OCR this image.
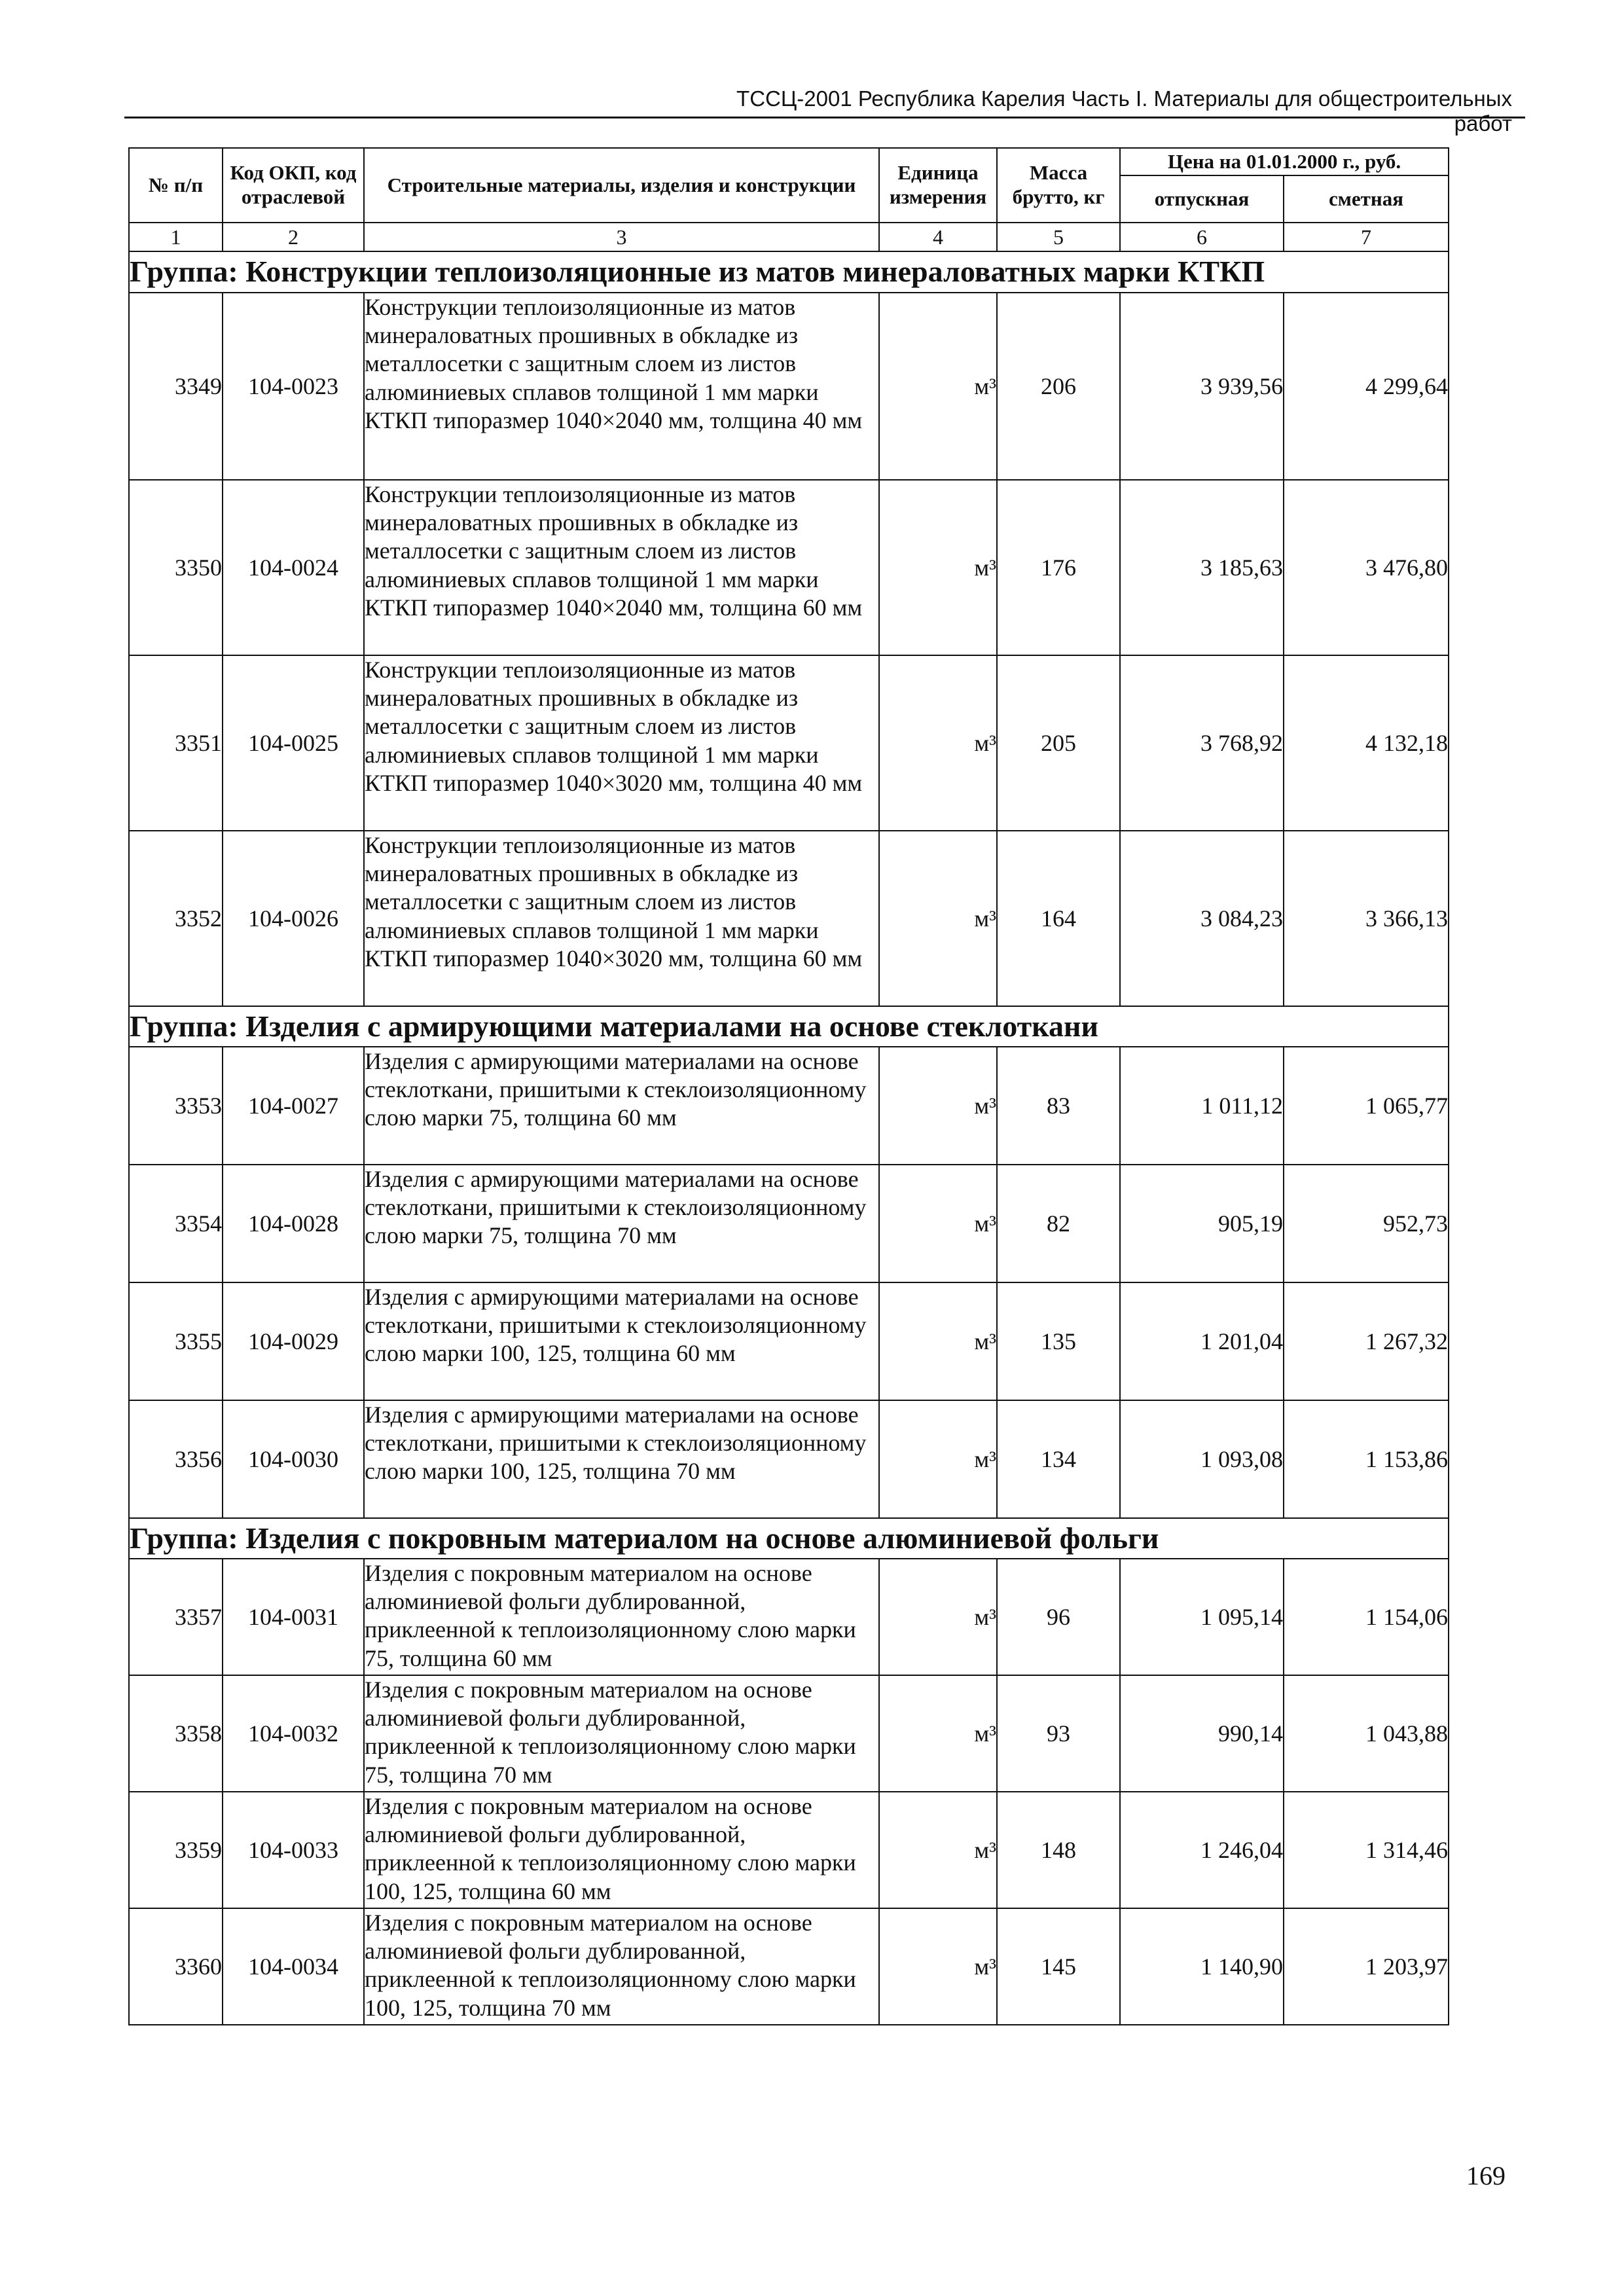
ТССЦ-2001 Республика Карелия Часть I. Материалы для общестроительных работ
№ п/п	Код ОКП, код отраслевой	Строительные материалы, изделия и конструкции	Единица измерения	Масса брутто, кг	Цена на 01.01.2000 г., руб.	
					отпускная	сметная
1	2	3	4	5	6	7
Группа: Конструкции теплоизоляционные из матов минераловатных марки КТКП						
3349	104-0023	Конструкции теплоизоляционные из матов минераловатных прошивных в обкладке из металлосетки с защитным слоем из листов алюминиевых сплавов толщиной 1 мм марки КТКП типоразмер 1040×2040 мм, толщина 40 мм	м³	206	3 939,56	4 299,64
3350	104-0024	Конструкции теплоизоляционные из матов минераловатных прошивных в обкладке из металлосетки с защитным слоем из листов алюминиевых сплавов толщиной 1 мм марки КТКП типоразмер 1040×2040 мм, толщина 60 мм	м³	176	3 185,63	3 476,80
3351	104-0025	Конструкции теплоизоляционные из матов минераловатных прошивных в обкладке из металлосетки с защитным слоем из листов алюминиевых сплавов толщиной 1 мм марки КТКП типоразмер 1040×3020 мм, толщина 40 мм	м³	205	3 768,92	4 132,18
3352	104-0026	Конструкции теплоизоляционные из матов минераловатных прошивных в обкладке из металлосетки с защитным слоем из листов алюминиевых сплавов толщиной 1 мм марки КТКП типоразмер 1040×3020 мм, толщина 60 мм	м³	164	3 084,23	3 366,13
Группа: Изделия с армирующими материалами на основе стеклоткани						
3353	104-0027	Изделия с армирующими материалами на основе стеклоткани, пришитыми к стеклоизоляционному слою марки 75, толщина 60 мм	м³	83	1 011,12	1 065,77
3354	104-0028	Изделия с армирующими материалами на основе стеклоткани, пришитыми к стеклоизоляционному слою марки 75, толщина 70 мм	м³	82	905,19	952,73
3355	104-0029	Изделия с армирующими материалами на основе стеклоткани, пришитыми к стеклоизоляционному слою марки 100, 125, толщина 60 мм	м³	135	1 201,04	1 267,32
3356	104-0030	Изделия с армирующими материалами на основе стеклоткани, пришитыми к стеклоизоляционному слою марки 100, 125, толщина 70 мм	м³	134	1 093,08	1 153,86
Группа: Изделия с покровным материалом на основе алюминиевой фольги						
3357	104-0031	Изделия с покровным материалом на основе алюминиевой фольги дублированной, приклеенной к теплоизоляционному слою марки 75, толщина 60 мм	м³	96	1 095,14	1 154,06
3358	104-0032	Изделия с покровным материалом на основе алюминиевой фольги дублированной, приклеенной к теплоизоляционному слою марки 75, толщина 70 мм	м³	93	990,14	1 043,88
3359	104-0033	Изделия с покровным материалом на основе алюминиевой фольги дублированной, приклеенной к теплоизоляционному слою марки 100, 125, толщина 60 мм	м³	148	1 246,04	1 314,46
3360	104-0034	Изделия с покровным материалом на основе алюминиевой фольги дублированной, приклеенной к теплоизоляционному слою марки 100, 125, толщина 70 мм	м³	145	1 140,90	1 203,97
169
